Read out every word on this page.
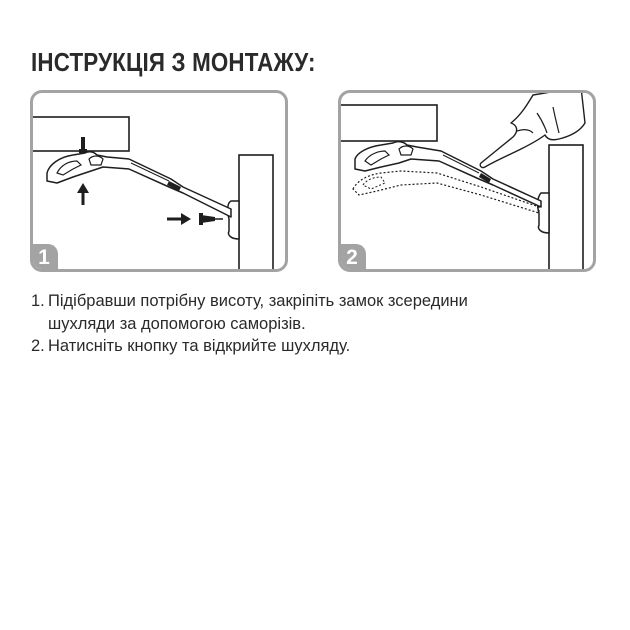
ІНСТРУКЦІЯ З МОНТАЖУ:
1	2
1. Підібравши потрібну висоту, закріпіть замок зсередини
шухляди за допомогою саморізів.
2. Натисніть кнопку та відкрийте шухляду.
